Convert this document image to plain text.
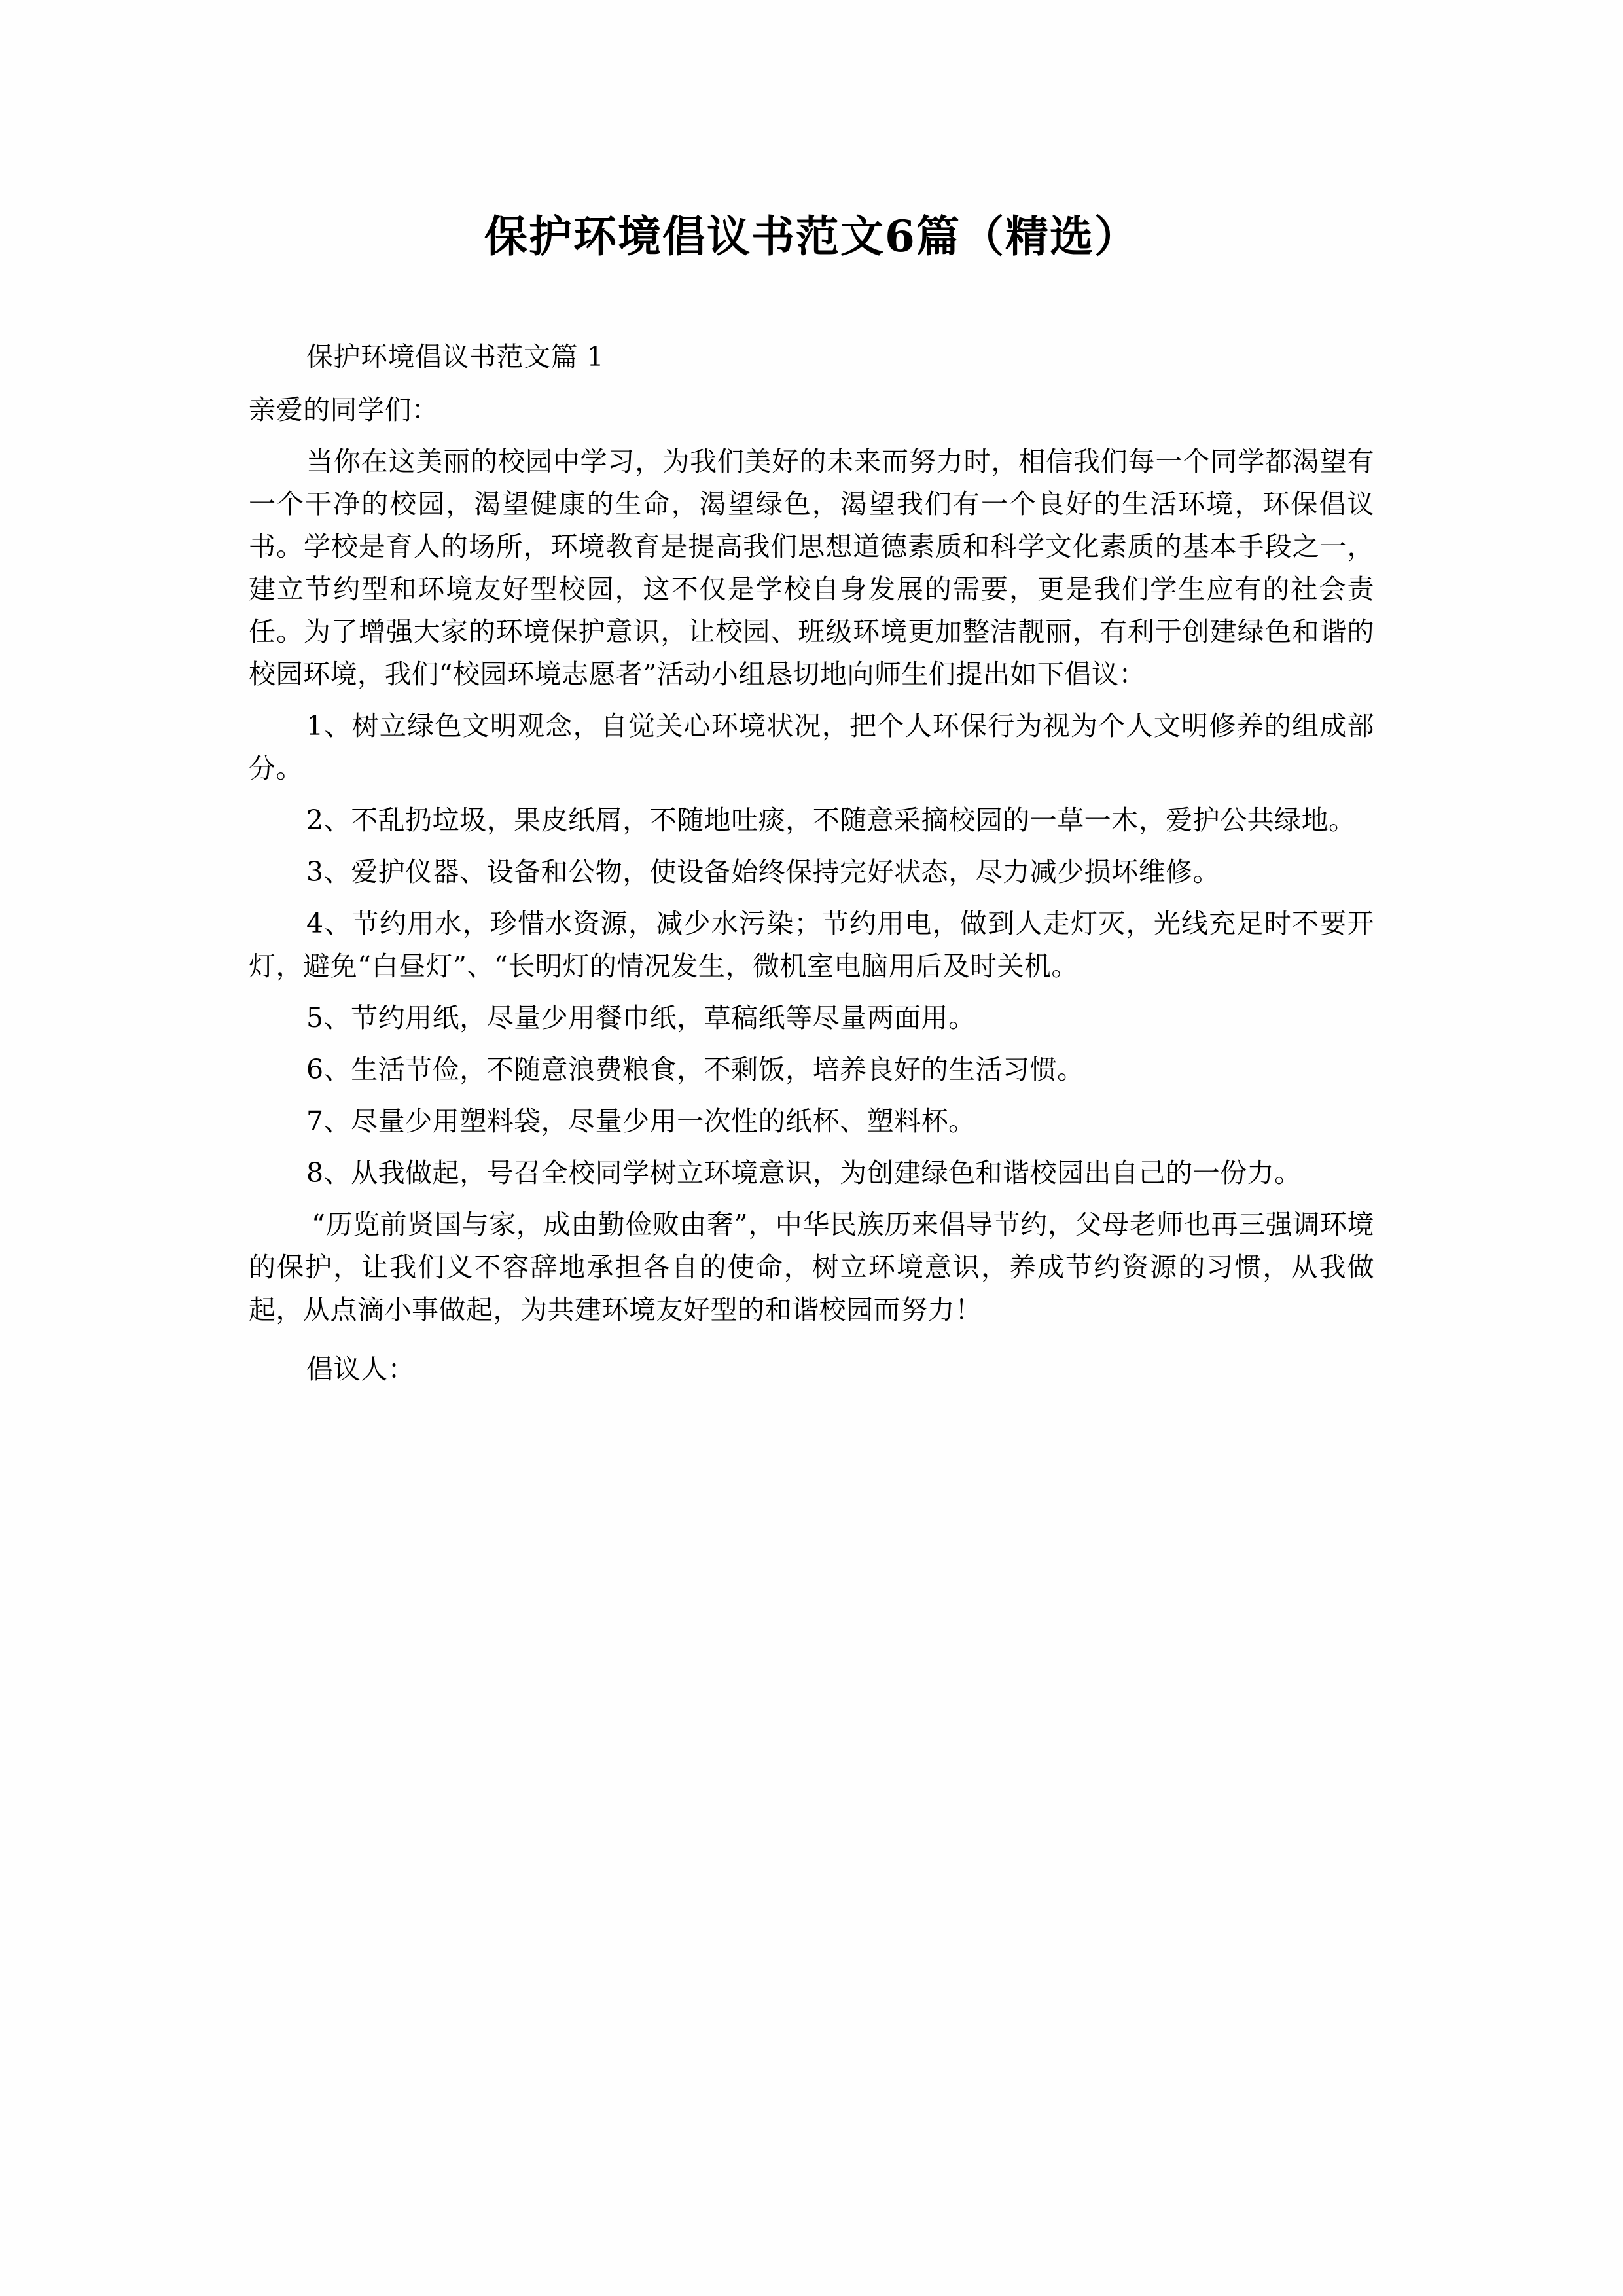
保护环境倡议书范文6篇（精选）

保护环境倡议书范文篇 1

亲爱的同学们：

当你在这美丽的校园中学习，为我们美好的未来而努力时，相信我们每一个同学都渴望有一个干净的校园，渴望健康的生命，渴望绿色，渴望我们有一个良好的生活环境，环保倡议书。学校是育人的场所，环境教育是提高我们思想道德素质和科学文化素质的基本手段之一，建立节约型和环境友好型校园，这不仅是学校自身发展的需要，更是我们学生应有的社会责任。为了增强大家的环境保护意识，让校园、班级环境更加整洁靓丽，有利于创建绿色和谐的校园环境，我们“校园环境志愿者”活动小组恳切地向师生们提出如下倡议：

1、树立绿色文明观念，自觉关心环境状况，把个人环保行为视为个人文明修养的组成部分。

2、不乱扔垃圾，果皮纸屑，不随地吐痰，不随意采摘校园的一草一木，爱护公共绿地。

3、爱护仪器、设备和公物，使设备始终保持完好状态，尽力减少损坏维修。

4、节约用水，珍惜水资源，减少水污染；节约用电，做到人走灯灭，光线充足时不要开灯，避免“白昼灯”、“长明灯的情况发生，微机室电脑用后及时关机。

5、节约用纸，尽量少用餐巾纸，草稿纸等尽量两面用。

6、生活节俭，不随意浪费粮食，不剩饭，培养良好的生活习惯。

7、尽量少用塑料袋，尽量少用一次性的纸杯、塑料杯。

8、从我做起，号召全校同学树立环境意识，为创建绿色和谐校园出自己的一份力。

“历览前贤国与家，成由勤俭败由奢”，中华民族历来倡导节约，父母老师也再三强调环境的保护，让我们义不容辞地承担各自的使命，树立环境意识，养成节约资源的习惯，从我做起，从点滴小事做起，为共建环境友好型的和谐校园而努力！

倡议人：
